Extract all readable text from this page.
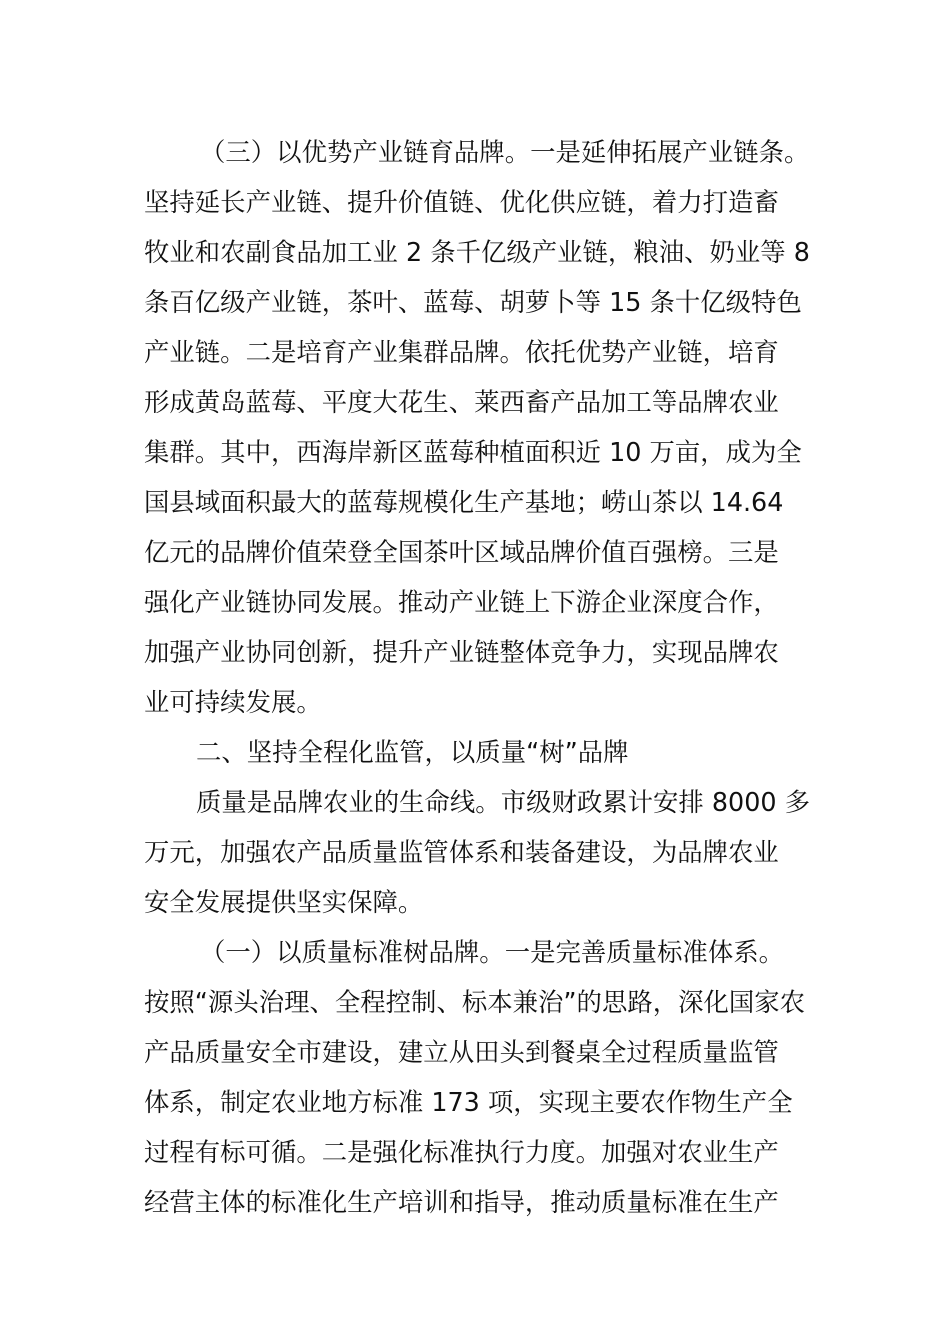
（三）以优势产业链育品牌。一是延伸拓展产业链条。
坚持延长产业链、提升价值链、优化供应链，着力打造畜
牧业和农副食品加工业 2 条千亿级产业链，粮油、奶业等 8
条百亿级产业链，茶叶、蓝莓、胡萝卜等 15 条十亿级特色
产业链。二是培育产业集群品牌。依托优势产业链，培育
形成黄岛蓝莓、平度大花生、莱西畜产品加工等品牌农业
集群。其中，西海岸新区蓝莓种植面积近 10 万亩，成为全
国县域面积最大的蓝莓规模化生产基地；崂山茶以 14.64
亿元的品牌价值荣登全国茶叶区域品牌价值百强榜。三是
强化产业链协同发展。推动产业链上下游企业深度合作，
加强产业协同创新，提升产业链整体竞争力，实现品牌农
业可持续发展。
二、坚持全程化监管，以质量“树”品牌
质量是品牌农业的生命线。市级财政累计安排 8000 多
万元，加强农产品质量监管体系和装备建设，为品牌农业
安全发展提供坚实保障。
（一）以质量标准树品牌。一是完善质量标准体系。
按照“源头治理、全程控制、标本兼治”的思路，深化国家农
产品质量安全市建设，建立从田头到餐桌全过程质量监管
体系，制定农业地方标准 173 项，实现主要农作物生产全
过程有标可循。二是强化标准执行力度。加强对农业生产
经营主体的标准化生产培训和指导，推动质量标准在生产
